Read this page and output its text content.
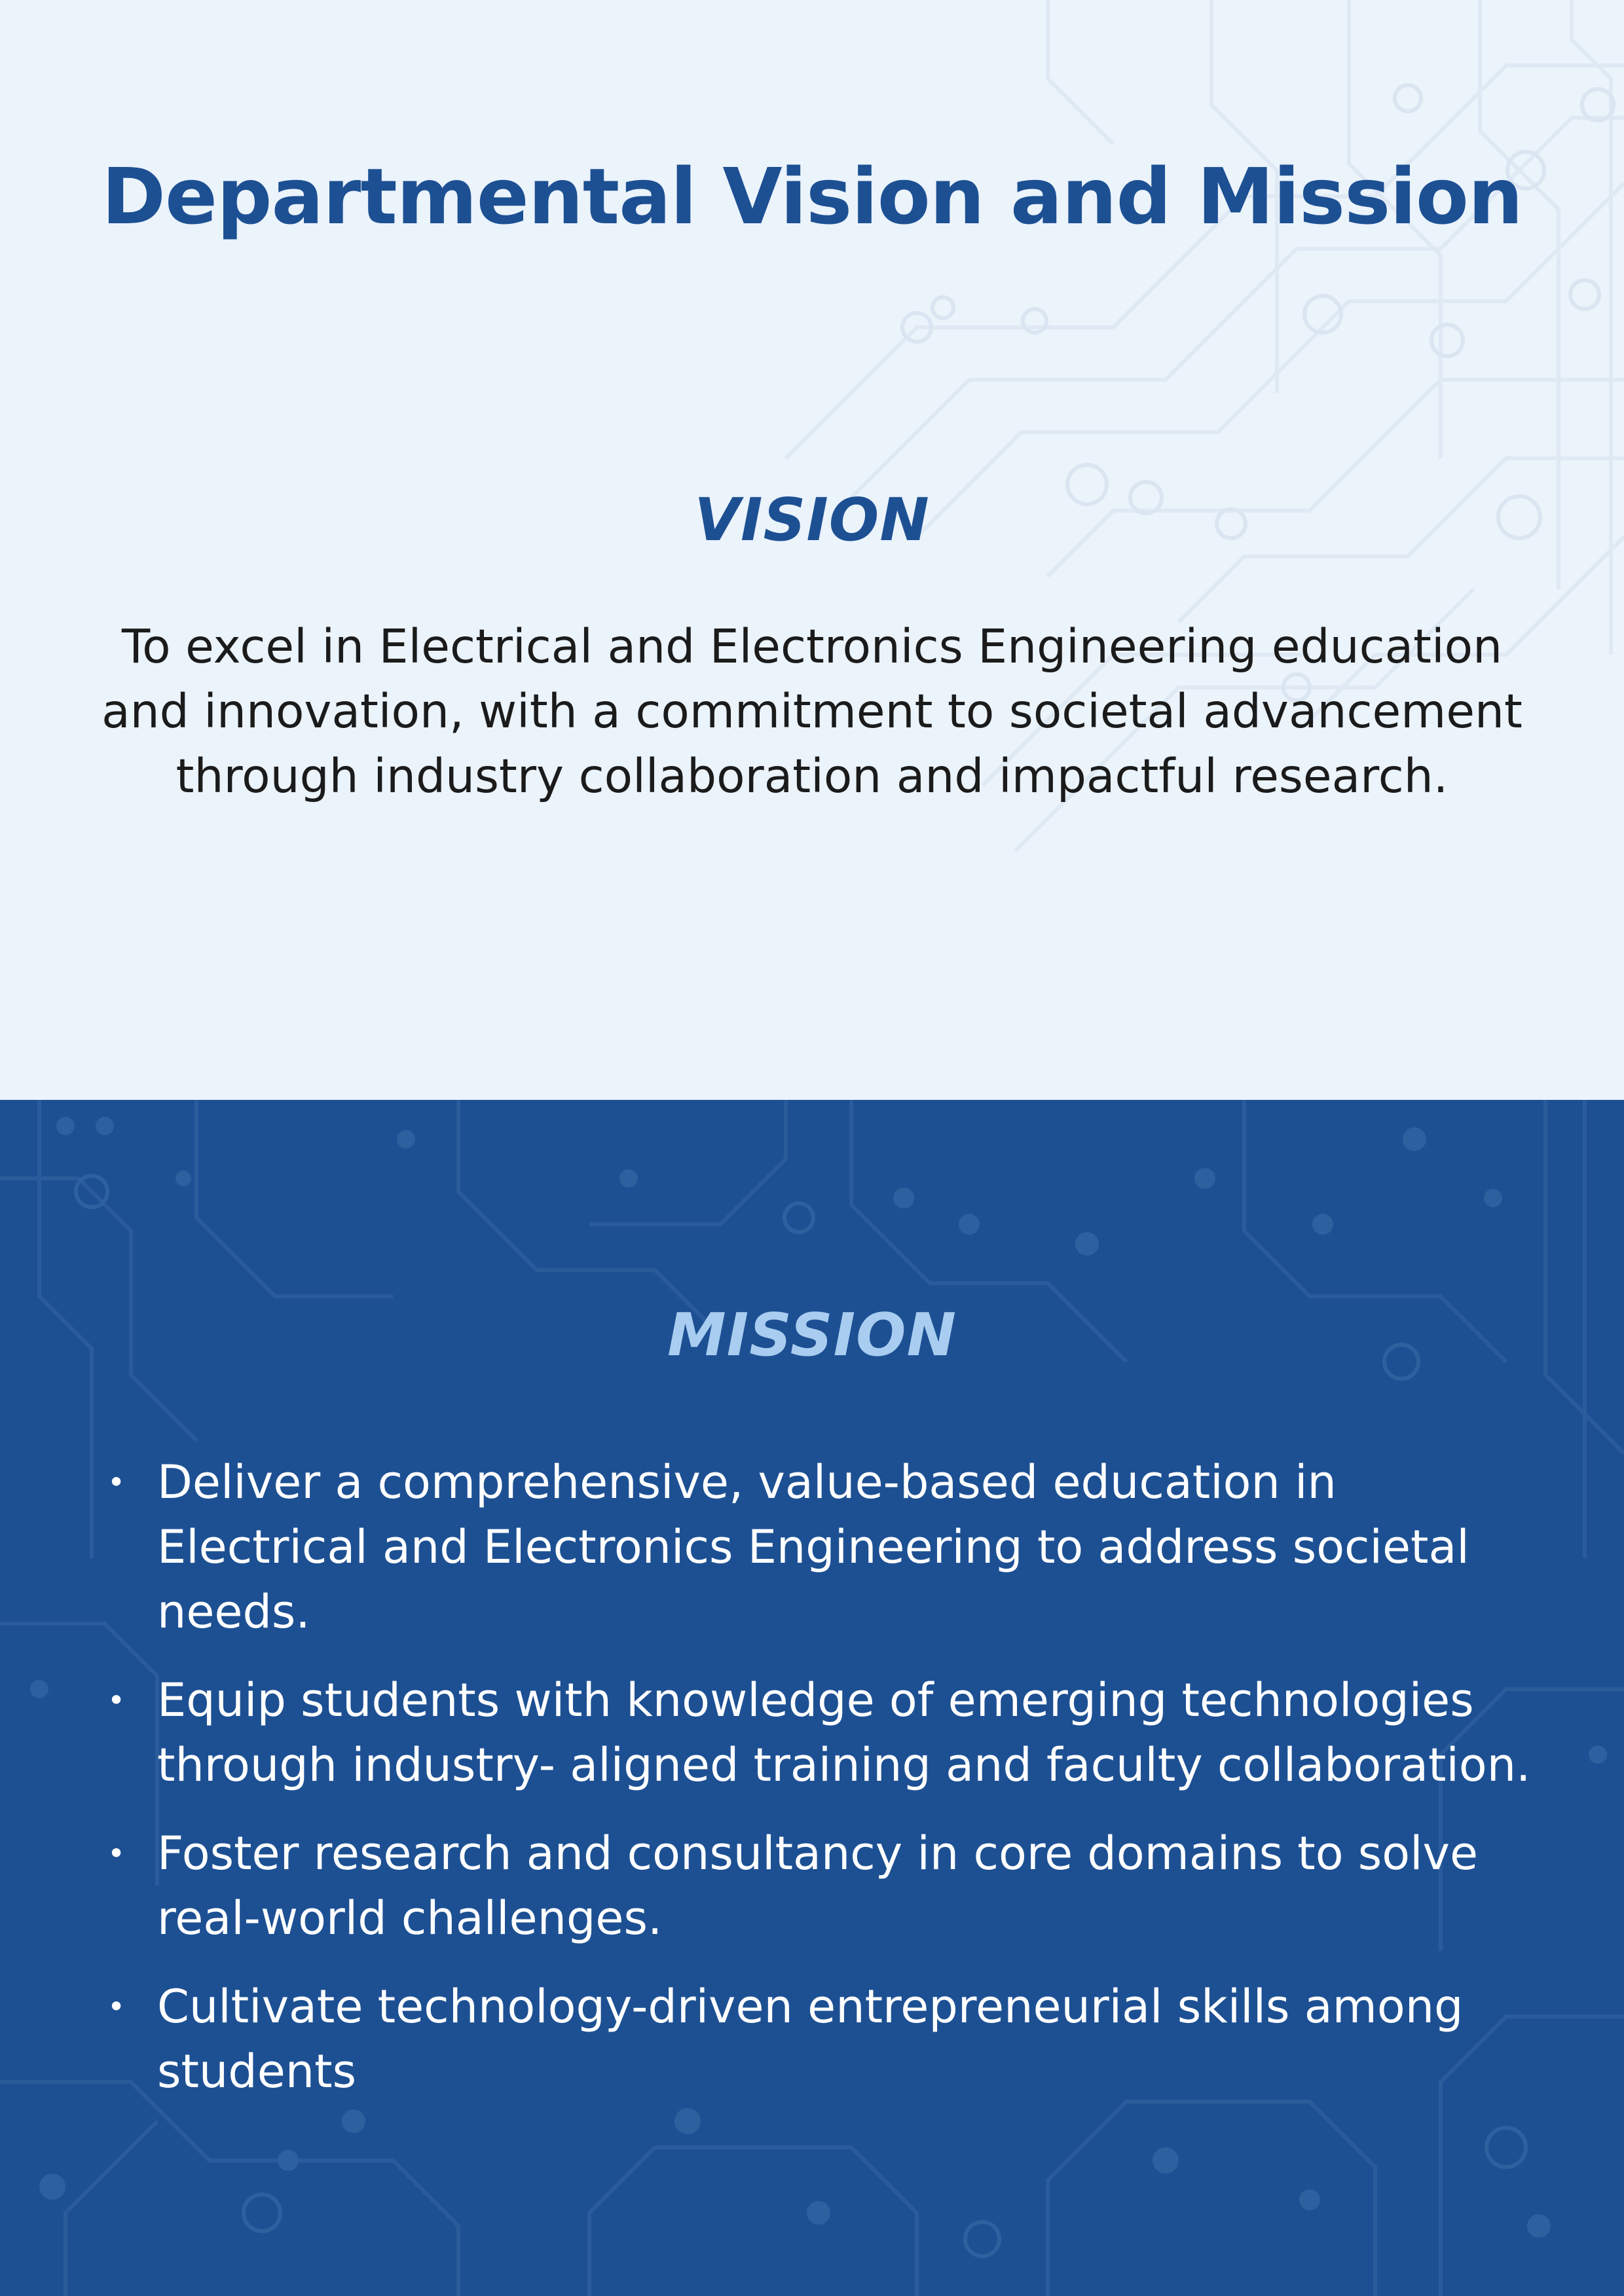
Departmental Vision and Mission
VISION
To excel in Electrical and Electronics Engineering education and innovation, with a commitment to societal advancement through industry collaboration and impactful research.
MISSION
• Deliver a comprehensive, value-based education in Electrical and Electronics Engineering to address societal needs.
• Equip students with knowledge of emerging technologies through industry- aligned training and faculty collaboration.
• Foster research and consultancy in core domains to solve real-world challenges.
• Cultivate technology-driven entrepreneurial skills among students
